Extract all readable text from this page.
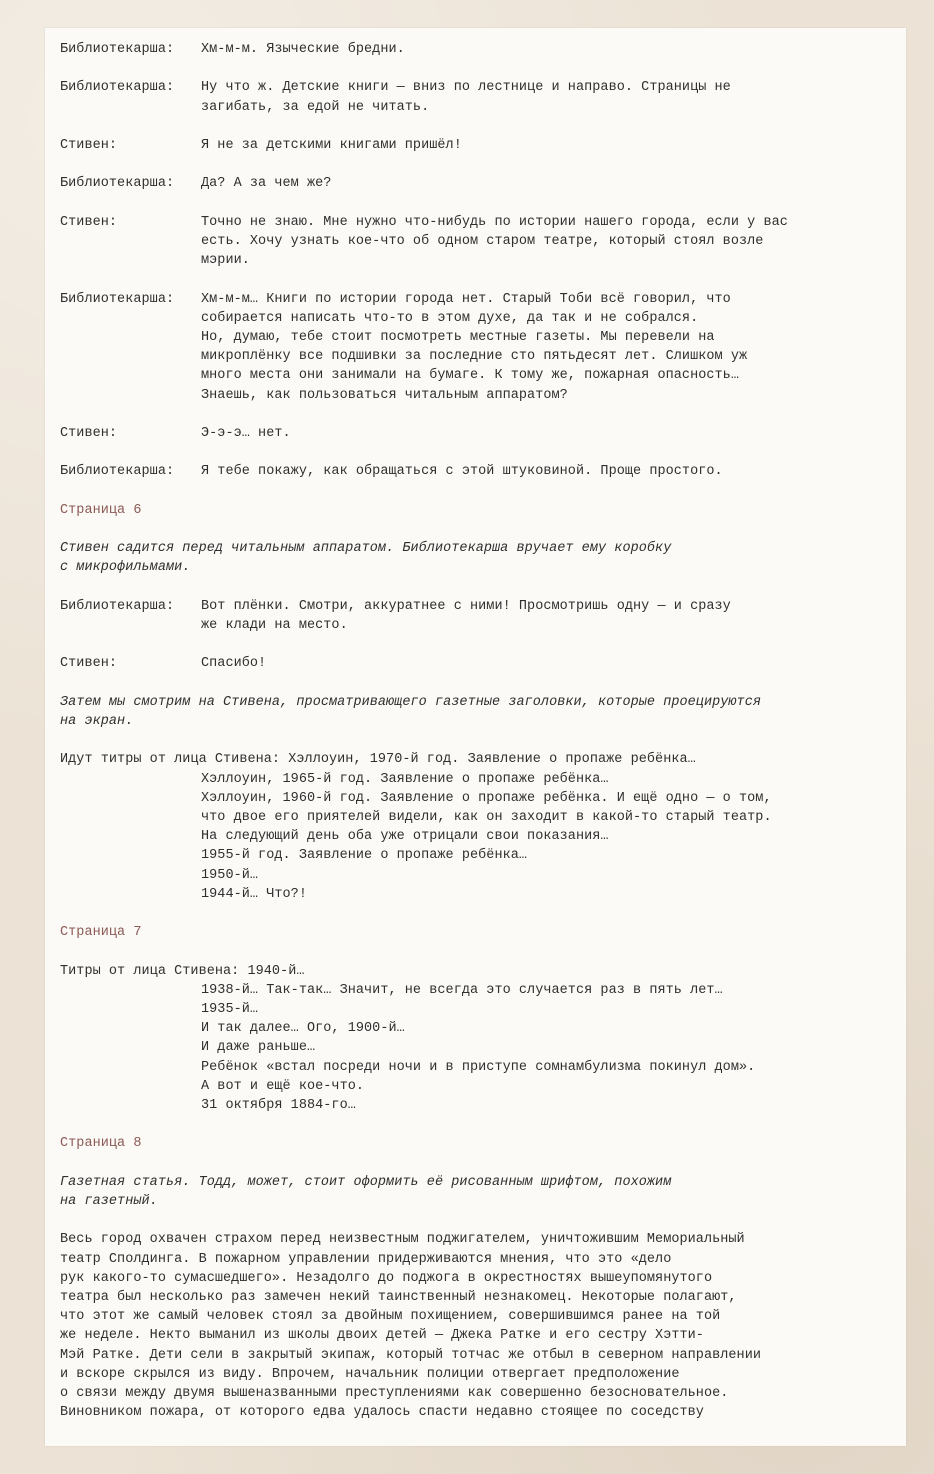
Библиотекарша:	Хм-м-м. Языческие бредни.
Библиотекарша:	Ну что ж. Детские книги — вниз по лестнице и направо. Страницы не
загибать, за едой не читать.
Стивен:	Я не за детскими книгами пришёл!
Библиотекарша:	Да? А за чем же?
Стивен:	Точно не знаю. Мне нужно что-нибудь по истории нашего города, если у вас
есть. Хочу узнать кое-что об одном старом театре, который стоял возле
мэрии.
Библиотекарша:	Хм-м-м… Книги по истории города нет. Старый Тоби всё говорил, что
собирается написать что-то в этом духе, да так и не собрался.
Но, думаю, тебе стоит посмотреть местные газеты. Мы перевели на
микроплёнку все подшивки за последние сто пятьдесят лет. Слишком уж
много места они занимали на бумаге. К тому же, пожарная опасность…
Знаешь, как пользоваться читальным аппаратом?
Стивен:	Э-э-э… нет.
Библиотекарша:	Я тебе покажу, как обращаться с этой штуковиной. Проще простого.
Страница 6
Стивен садится перед читальным аппаратом. Библиотекарша вручает ему коробку
с микрофильмами.
Библиотекарша:	Вот плёнки. Смотри, аккуратнее с ними! Просмотришь одну — и сразу
же клади на место.
Стивен:	Спасибо!
Затем мы смотрим на Стивена, просматривающего газетные заголовки, которые проецируются
на экран.
Идут титры от лица Стивена: Хэллоуин, 1970-й год. Заявление о пропаже ребёнка…
Хэллоуин, 1965-й год. Заявление о пропаже ребёнка…
Хэллоуин, 1960-й год. Заявление о пропаже ребёнка. И ещё одно — о том,
что двое его приятелей видели, как он заходит в какой-то старый театр.
На следующий день оба уже отрицали свои показания…
1955-й год. Заявление о пропаже ребёнка…
1950-й…
1944-й… Что?!
Страница 7
Титры от лица Стивена: 1940-й…
1938-й… Так-так… Значит, не всегда это случается раз в пять лет…
1935-й…
И так далее… Ого, 1900-й…
И даже раньше…
Ребёнок «встал посреди ночи и в приступе сомнамбулизма покинул дом».
А вот и ещё кое-что.
31 октября 1884-го…
Страница 8
Газетная статья. Тодд, может, стоит оформить её рисованным шрифтом, похожим
на газетный.
Весь город охвачен страхом перед неизвестным поджигателем, уничтожившим Мемориальный
театр Сполдинга. В пожарном управлении придерживаются мнения, что это «дело
рук какого-то сумасшедшего». Незадолго до поджога в окрестностях вышеупомянутого
театра был несколько раз замечен некий таинственный незнакомец. Некоторые полагают,
что этот же самый человек стоял за двойным похищением, совершившимся ранее на той
же неделе. Некто выманил из школы двоих детей — Джека Ратке и его сестру Хэтти-
Мэй Ратке. Дети сели в закрытый экипаж, который тотчас же отбыл в северном направлении
и вскоре скрылся из виду. Впрочем, начальник полиции отвергает предположение
о связи между двумя вышеназванными преступлениями как совершенно безосновательное.
Виновником пожара, от которого едва удалось спасти недавно стоящее по соседству
